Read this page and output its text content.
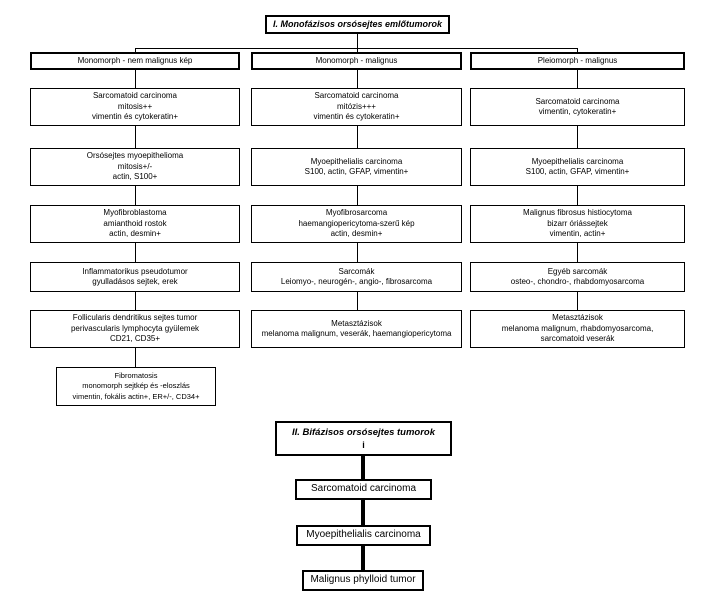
I. Monofázisos orsósejtes emlőtumorok
Monomorph - nem malignus kép	Monomorph - malignus	Pleiomorph - malignus
Sarcomatoid carcinoma
mitosis++
vimentin és cytokeratin+
Orsósejtes myoepithelioma
mitosis+/-
actin, S100+
Myofibroblastoma
amianthoid rostok
actin, desmin+
Inflammatorikus pseudotumor
gyulladásos sejtek, erek
Follicularis dendritikus sejtes tumor
perivascularis lymphocyta gyülemek
CD21, CD35+
Fibromatosis
monomorph sejtkép és -eloszlás
vimentin, fokális actin+, ER+/-, CD34+
Sarcomatoid carcinoma
mitózis+++
vimentin és cytokeratin+
Myoepithelialis carcinoma
S100, actin, GFAP, vimentin+
Myofibrosarcoma
haemangiopericytoma-szerű kép
actin, desmin+
Sarcomák
Leiomyo-, neurogén-, angio-, fibrosarcoma
Metasztázisok
melanoma malignum, veserák, haemangiopericytoma
Sarcomatoid carcinoma
vimentin, cytokeratin+
Myoepithelialis carcinoma
S100, actin, GFAP, vimentin+
Malignus fibrosus histiocytoma
bizarr óriássejtek
vimentin, actin+
Egyéb sarcomák
osteo-, chondro-, rhabdomyosarcoma
Metasztázisok
melanoma malignum, rhabdomyosarcoma,
sarcomatoid veserák
II. Bifázisos orsósejtes tumorok
i
Sarcomatoid carcinoma
Myoepithelialis carcinoma
Malignus phylloid tumor
